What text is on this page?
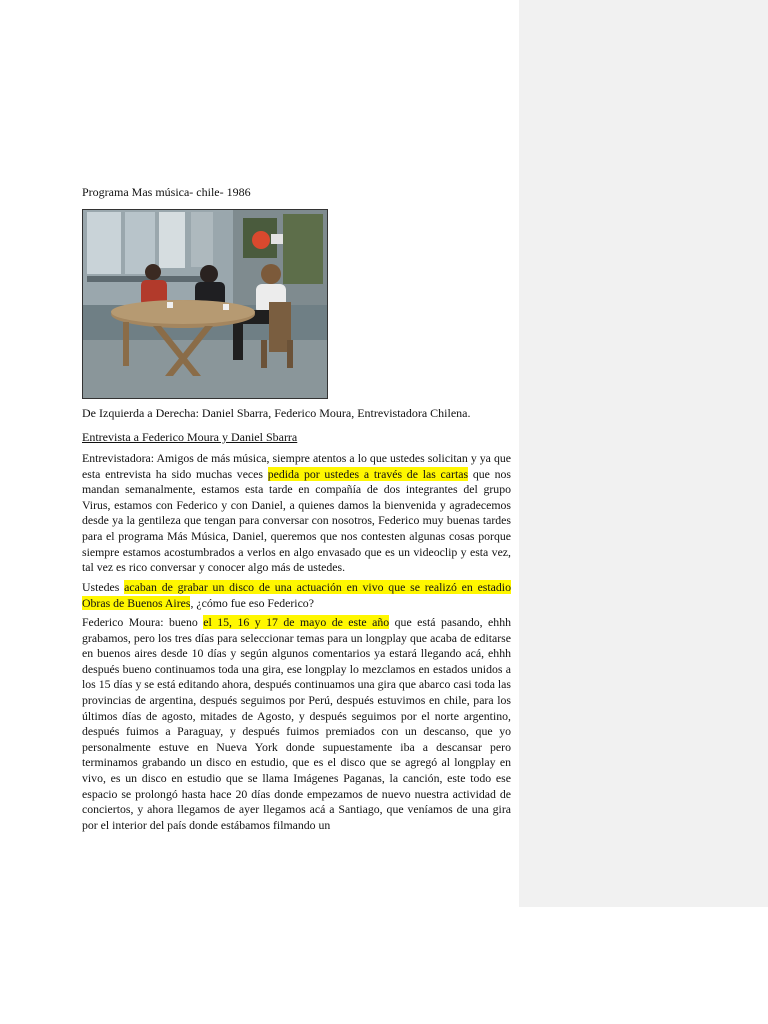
Programa Mas música- chile- 1986
De Izquierda a Derecha: Daniel Sbarra, Federico Moura, Entrevistadora Chilena.
Entrevista a Federico Moura y Daniel Sbarra
Entrevistadora: Amigos de más música, siempre atentos a lo que ustedes solicitan y ya que esta entrevista ha sido muchas veces pedida por ustedes a través de las cartas que nos mandan semanalmente, estamos esta tarde en compañía de dos integrantes del grupo Virus, estamos con Federico y con Daniel, a quienes damos la bienvenida y agradecemos desde ya la gentileza que tengan para conversar con nosotros, Federico muy buenas tardes para el programa Más Música, Daniel, queremos que nos contesten algunas cosas porque siempre estamos acostumbrados a verlos en algo envasado que es un videoclip y esta vez, tal vez es rico conversar y conocer algo más de ustedes.
Ustedes acaban de grabar un disco de una actuación en vivo que se realizó en estadio Obras de Buenos Aires, ¿cómo fue eso Federico?
Federico Moura: bueno el 15, 16 y 17 de mayo de este año que está pasando, ehhh grabamos, pero los tres días para seleccionar temas para un longplay que acaba de editarse en buenos aires desde 10 días y según algunos comentarios ya estará llegando acá, ehhh después bueno continuamos toda una gira, ese longplay lo mezclamos en estados unidos a los 15 días y se está editando ahora, después continuamos una gira que abarco casi toda las provincias de argentina, después seguimos por Perú, después estuvimos en chile, para los últimos días de agosto, mitades de Agosto, y después seguimos por el norte argentino, después fuimos a Paraguay, y después fuimos premiados con un descanso, que yo personalmente estuve en Nueva York donde supuestamente iba a descansar pero terminamos grabando un disco en estudio, que es el disco que se agregó al longplay en vivo, es un disco en estudio que se llama Imágenes Paganas, la canción, este todo ese espacio se prolongó hasta hace 20 días donde empezamos de nuevo nuestra actividad de conciertos, y ahora llegamos de ayer llegamos acá a Santiago, que veníamos de una gira por el interior del país donde estábamos filmando un
